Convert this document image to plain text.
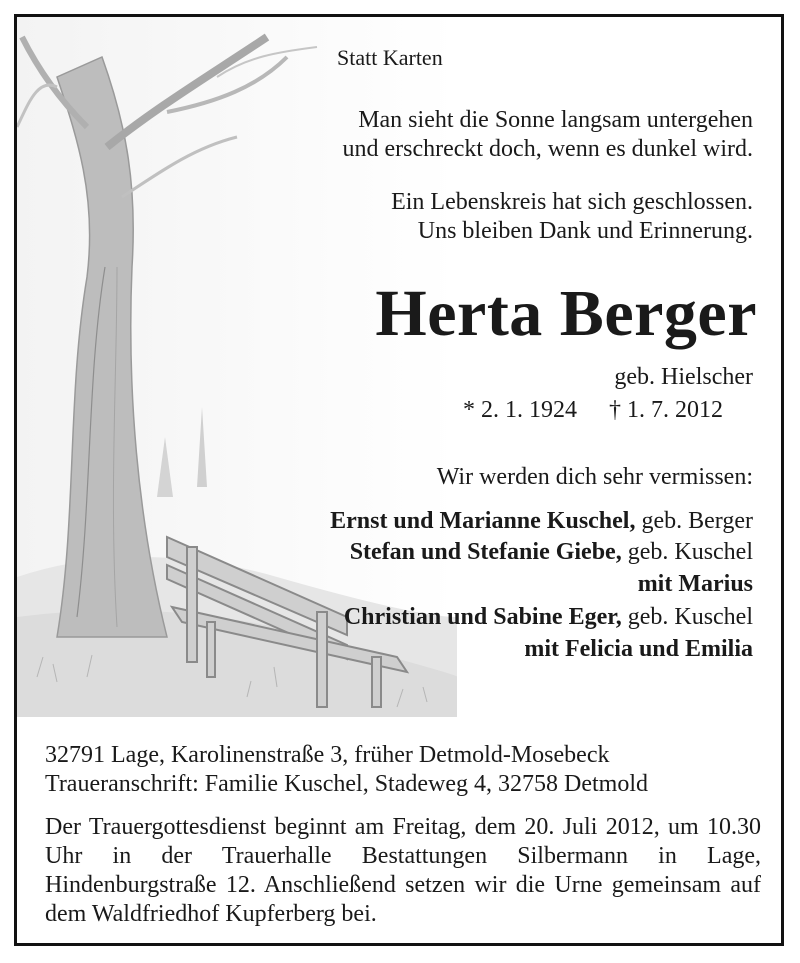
Statt Karten
Man sieht die Sonne langsam untergehen
und erschreckt doch, wenn es dunkel wird.
Ein Lebenskreis hat sich geschlossen.
Uns bleiben Dank und Erinnerung.
Herta Berger
geb. Hielscher
* 2. 1. 1924 † 1. 7. 2012
Wir werden dich sehr vermissen:
Ernst und Marianne Kuschel, geb. Berger
Stefan und Stefanie Giebe, geb. Kuschel
mit Marius
Christian und Sabine Eger, geb. Kuschel
mit Felicia und Emilia
32791 Lage, Karolinenstraße 3, früher Detmold-Mosebeck
Traueranschrift: Familie Kuschel, Stadeweg 4, 32758 Detmold
Der Trauergottesdienst beginnt am Freitag, dem 20. Juli 2012, um 10.30 Uhr in der Trauerhalle Bestattungen Silbermann in Lage, Hindenburgstraße 12. Anschließend setzen wir die Urne gemeinsam auf dem Waldfriedhof Kupferberg bei.
